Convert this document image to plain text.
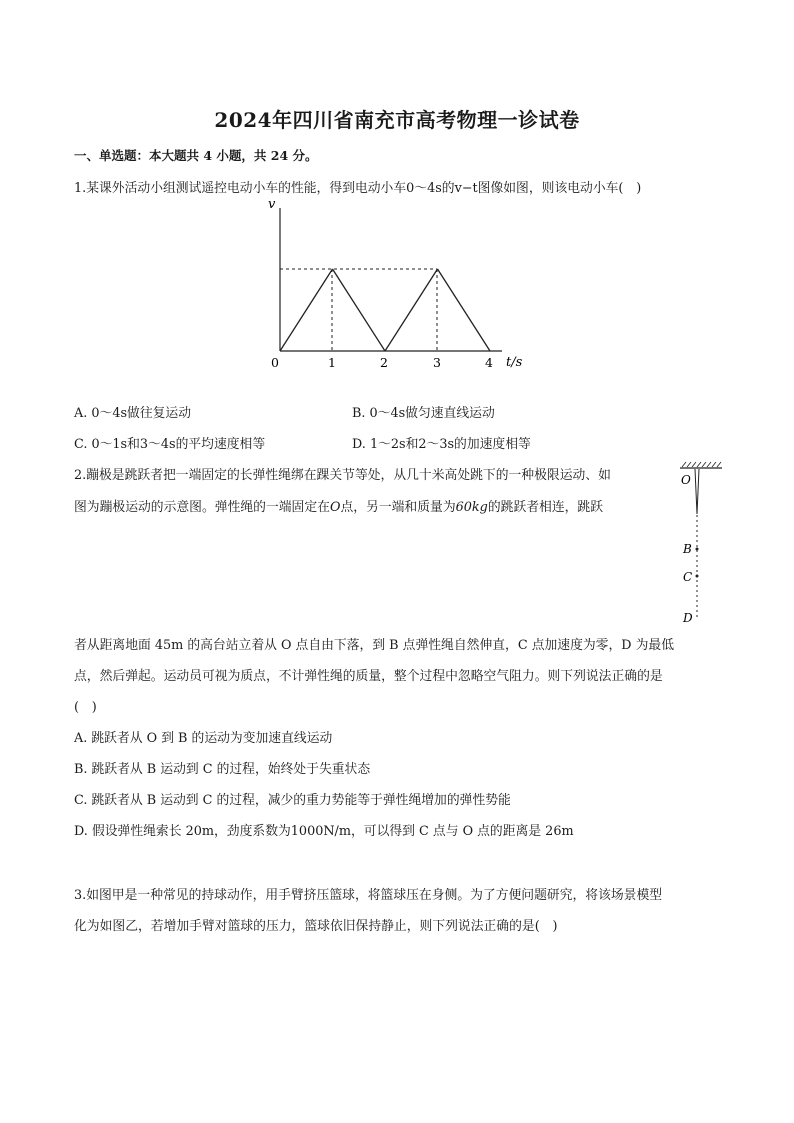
2024年四川省南充市高考物理一诊试卷
一、单选题：本大题共 4 小题，共 24 分。
1.某课外活动小组测试遥控电动小车的性能，得到电动小车0～4s的v−t图像如图，则该电动小车(　)
v
t/s
0	1	2	3	4
A. 0～4s做往复运动	B. 0～4s做匀速直线运动
C. 0～1s和3～4s的平均速度相等	D. 1～2s和2～3s的加速度相等
2.蹦极是跳跃者把一端固定的长弹性绳绑在踝关节等处，从几十米高处跳下的一种极限运动、如
图为蹦极运动的示意图。弹性绳的一端固定在O点，另一端和质量为60kg的跳跃者相连，跳跃
O
B
C
D
者从距离地面 45m 的高台站立着从 O 点自由下落，到 B 点弹性绳自然伸直，C 点加速度为零，D 为最低
点，然后弹起。运动员可视为质点，不计弹性绳的质量，整个过程中忽略空气阻力。则下列说法正确的是
(　)
A. 跳跃者从 O 到 B 的运动为变加速直线运动
B. 跳跃者从 B 运动到 C 的过程，始终处于失重状态
C. 跳跃者从 B 运动到 C 的过程，减少的重力势能等于弹性绳增加的弹性势能
D. 假设弹性绳索长 20m，劲度系数为1000N/m，可以得到 C 点与 O 点的距离是 26m
3.如图甲是一种常见的持球动作，用手臂挤压篮球，将篮球压在身侧。为了方便问题研究，将该场景模型
化为如图乙，若增加手臂对篮球的压力，篮球依旧保持静止，则下列说法正确的是(　)
